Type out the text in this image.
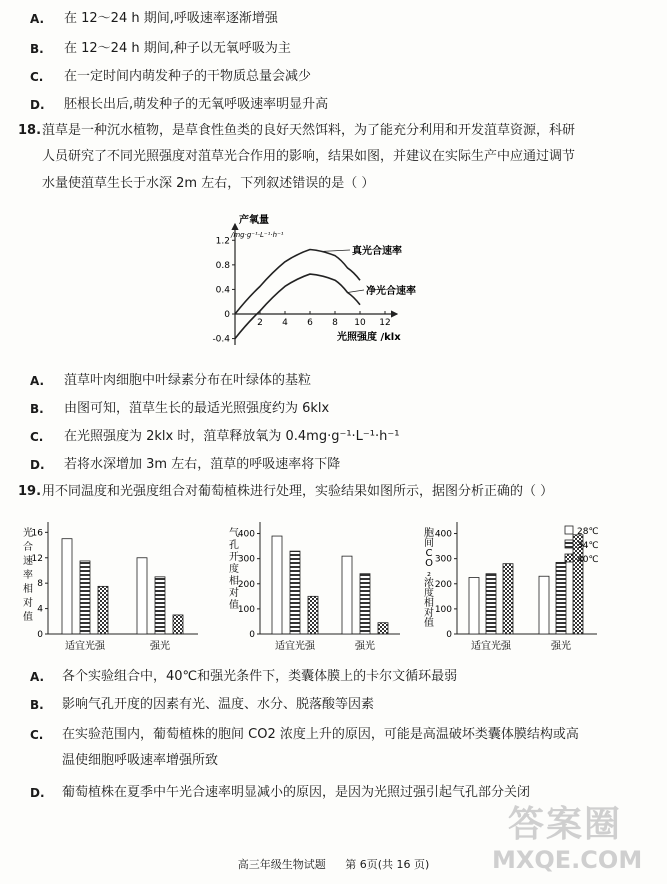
A. 在 12～24 h 期间,呼吸速率逐渐增强
B. 在 12～24 h 期间,种子以无氧呼吸为主
C. 在一定时间内萌发种子的干物质总量会减少
D. 胚根长出后,萌发种子的无氧呼吸速率明显升高
18. 菹草是一种沉水植物，是草食性鱼类的良好天然饵料，为了能充分利用和开发菹草资源，科研
人员研究了不同光照强度对菹草光合作用的影响，结果如图，并建议在实际生产中应通过调节
水量使菹草生长于水深 2m 左右，下列叙述错误的是（ ）
产氧量
/mg·g⁻¹·L⁻¹·h⁻¹
1.2
0.8
0.4
0
-0.4
2 4 6 8 10 12
光照强度 /klx
真光合速率
净光合速率
A. 菹草叶肉细胞中叶绿素分布在叶绿体的基粒
B. 由图可知，菹草生长的最适光照强度约为 6klx
C. 在光照强度为 2klx 时，菹草释放氧为 0.4mg·g⁻¹·L⁻¹·h⁻¹
D. 若将水深增加 3m 左右，菹草的呼吸速率将下降
19. 用不同温度和光强度组合对葡萄植株进行处理，实验结果如图所示，据图分析正确的（ ）
光
合
速
率
相
对
值
16
12
8
4
0
适宜光强	强光
气
孔
开
度
相
对
值
400
300
200
100
0
适宜光强	强光
胞
间
C
O
₂
浓
度
相
对
值
400
300
200
100
0
适宜光强	强光
28℃
34℃
40℃
A. 各个实验组合中，40℃和强光条件下，类囊体膜上的卡尔文循环最弱
B. 影响气孔开度的因素有光、温度、水分、脱落酸等因素
C. 在实验范围内，葡萄植株的胞间 CO2 浓度上升的原因，可能是高温破坏类囊体膜结构或高
温使细胞呼吸速率增强所致
D. 葡萄植株在夏季中午光合速率明显减小的原因，是因为光照过强引起气孔部分关闭
高三年级生物试题 第 6页(共 16 页)
答案圈
MXQE.COM
